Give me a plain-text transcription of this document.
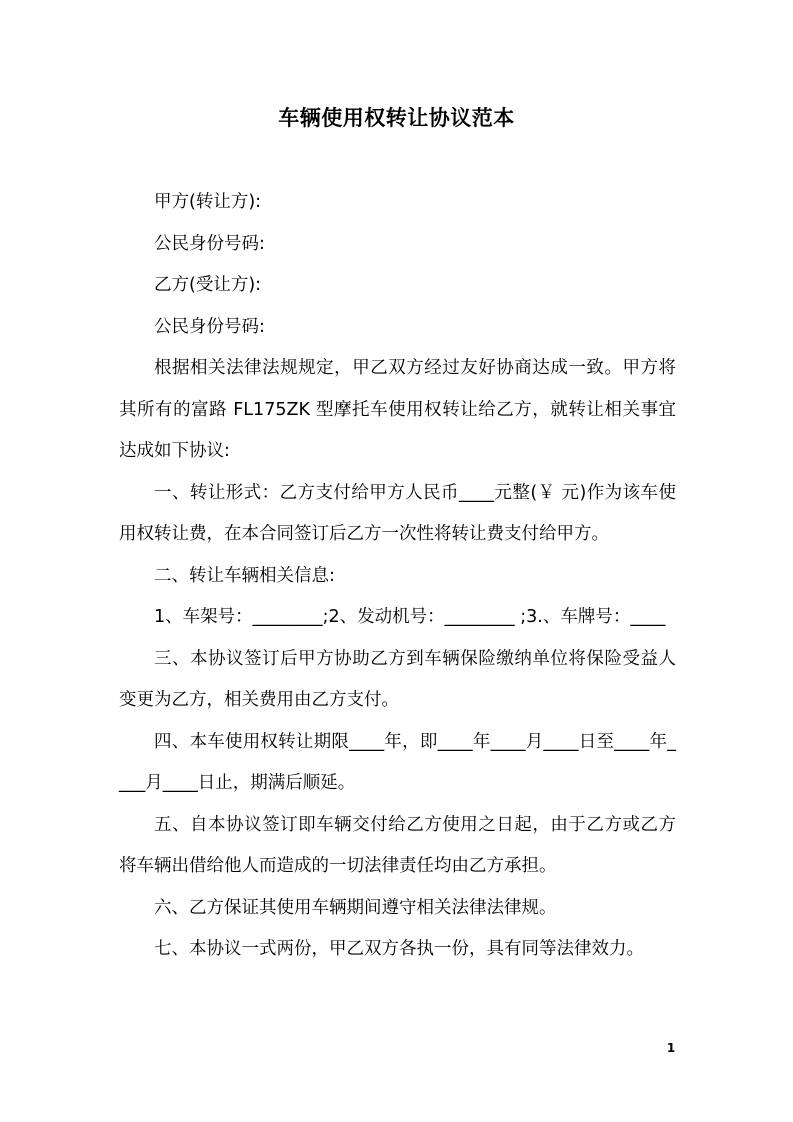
车辆使用权转让协议范本

甲方(转让方):

公民身份号码:

乙方(受让方):

公民身份号码:

根据相关法律法规规定，甲乙双方经过友好协商达成一致。甲方将其所有的富路 FL175ZK 型摩托车使用权转让给乙方，就转让相关事宜达成如下协议:

一、转让形式：乙方支付给甲方人民币____元整(￥ 元)作为该车使用权转让费，在本合同签订后乙方一次性将转让费支付给甲方。

二、转让车辆相关信息:

1、车架号：________;2、发动机号：________ ;3.、车牌号：____

三、本协议签订后甲方协助乙方到车辆保险缴纳单位将保险受益人变更为乙方，相关费用由乙方支付。

四、本车使用权转让期限____年，即____年____月____日至____年____月____日止，期满后顺延。

五、自本协议签订即车辆交付给乙方使用之日起，由于乙方或乙方将车辆出借给他人而造成的一切法律责任均由乙方承担。

六、乙方保证其使用车辆期间遵守相关法律法律规。

七、本协议一式两份，甲乙双方各执一份，具有同等法律效力。

1
